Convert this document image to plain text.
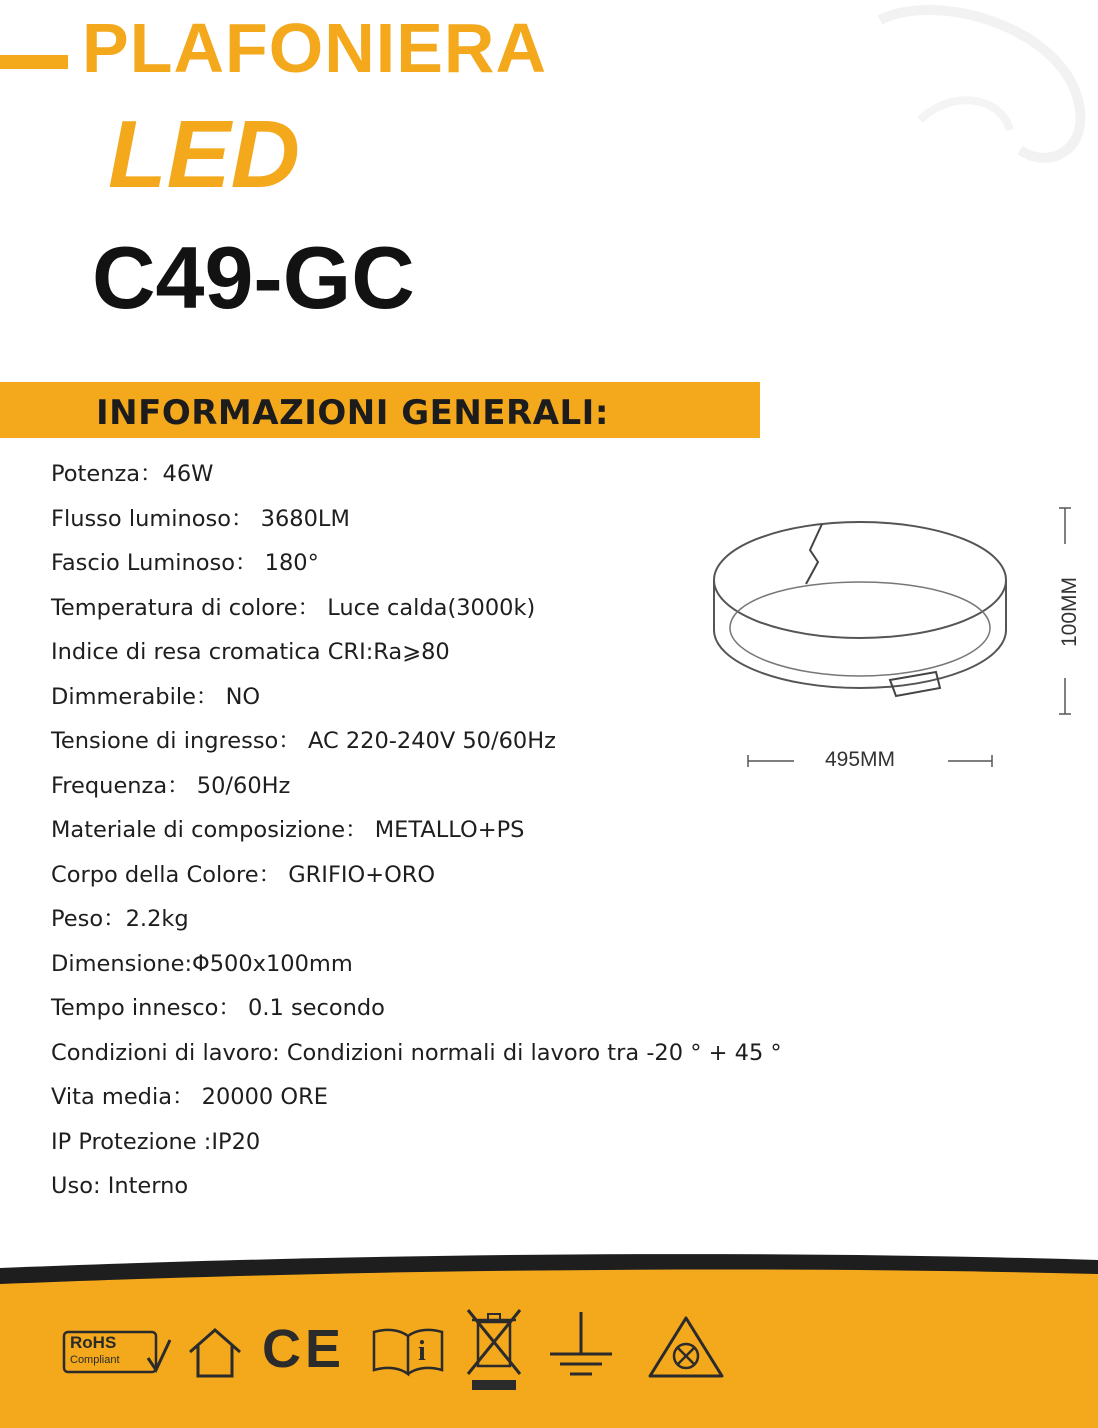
PLAFONIERA
LED
C49-GC
INFORMAZIONI GENERALI:
Potenza：46W
Flusso luminoso： 3680LM
Fascio Luminoso： 180°
Temperatura di colore： Luce calda(3000k)
Indice di resa cromatica CRI:Ra⩾80
Dimmerabile： NO
Tensione di ingresso： AC 220-240V 50/60Hz
Frequenza： 50/60Hz
Materiale di composizione： METALLO+PS
Corpo della Colore： GRIFIO+ORO
Peso：2.2kg
Dimensione:Φ500x100mm
Tempo innesco： 0.1 secondo
Condizioni di lavoro: Condizioni normali di lavoro tra -20 ° + 45 °
Vita media： 20000 ORE
IP Protezione :IP20
Uso: Interno
495MM
100MM
RoHS
Compliant	CE	i
